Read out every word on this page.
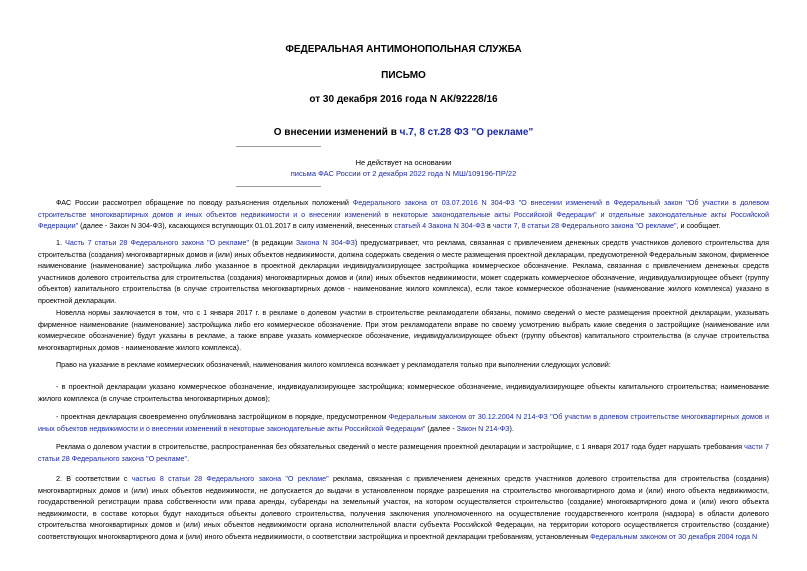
ФЕДЕРАЛЬНАЯ АНТИМОНОПОЛЬНАЯ СЛУЖБА
ПИСЬМО
от 30 декабря 2016 года N АК/92228/16
О внесении изменений в ч.7, 8 ст.28 ФЗ "О рекламе"
Не действует на основании
письма ФАС России от 2 декабря 2022 года N МШ/109196-ПР/22
ФАС России рассмотрел обращение по поводу разъяснения отдельных положений Федерального закона от 03.07.2016 N 304-ФЗ "О внесении изменений в Федеральный закон "Об участии в долевом строительстве многоквартирных домов и иных объектов недвижимости и о внесении изменений в некоторые законодательные акты Российской Федерации" и отдельные законодательные акты Российской Федерации" (далее - Закон N 304-ФЗ), касающихся вступающих 01.01.2017 в силу изменений, внесенных статьей 4 Закона N 304-ФЗ в части 7, 8 статьи 28 Федерального закона "О рекламе", и сообщает.
1. Часть 7 статьи 28 Федерального закона "О рекламе" (в редакции Закона N 304-ФЗ) предусматривает, что реклама, связанная с привлечением денежных средств участников долевого строительства для строительства (создания) многоквартирных домов и (или) иных объектов недвижимости, должна содержать сведения о месте размещения проектной декларации, предусмотренной Федеральным законом, фирменное наименование (наименование) застройщика либо указанное в проектной декларации индивидуализирующее застройщика коммерческое обозначение. Реклама, связанная с привлечением денежных средств участников долевого строительства для строительства (создания) многоквартирных домов и (или) иных объектов недвижимости, может содержать коммерческое обозначение, индивидуализирующее объект (группу объектов) капитального строительства (в случае строительства многоквартирных домов - наименование жилого комплекса), если такое коммерческое обозначение (наименование жилого комплекса) указано в проектной декларации.
Новелла нормы заключается в том, что с 1 января 2017 г. в рекламе о долевом участии в строительстве рекламодатели обязаны, помимо сведений о месте размещения проектной декларации, указывать фирменное наименование (наименование) застройщика либо его коммерческое обозначение. При этом рекламодатели вправе по своему усмотрению выбрать какие сведения о застройщике (наименование или коммерческое обозначение) будут указаны в рекламе, а также вправе указать коммерческое обозначение, индивидуализирующее объект (группу объектов) капитального строительства (в случае строительства многоквартирных домов - наименование жилого комплекса).
Право на указание в рекламе коммерческих обозначений, наименования жилого комплекса возникает у рекламодателя только при выполнении следующих условий:
- в проектной декларации указано коммерческое обозначение, индивидуализирующее застройщика; коммерческое обозначение, индивидуализирующее объекты капитального строительства; наименование жилого комплекса (в случае строительства многоквартирных домов);
- проектная декларация своевременно опубликована застройщиком в порядке, предусмотренном Федеральным законом от 30.12.2004 N 214-ФЗ "Об участии в долевом строительстве многоквартирных домов и иных объектов недвижимости и о внесении изменений в некоторые законодательные акты Российской Федерации" (далее - Закон N 214-ФЗ).
Реклама о долевом участии в строительстве, распространенная без обязательных сведений о месте размещения проектной декларации и застройщике, с 1 января 2017 года будет нарушать требования части 7 статьи 28 Федерального закона "О рекламе".
2. В соответствии с частью 8 статьи 28 Федерального закона "О рекламе" реклама, связанная с привлечением денежных средств участников долевого строительства для строительства (создания) многоквартирных домов и (или) иных объектов недвижимости, не допускается до выдачи в установленном порядке разрешения на строительство многоквартирного дома и (или) иного объекта недвижимости, государственной регистрации права собственности или права аренды, субаренды на земельный участок, на котором осуществляется строительство (создание) многоквартирного дома и (или) иного объекта недвижимости, в составе которых будут находиться объекты долевого строительства, получения заключения уполномоченного на осуществление государственного контроля (надзора) в области долевого строительства многоквартирных домов и (или) иных объектов недвижимости органа исполнительной власти субъекта Российской Федерации, на территории которого осуществляется строительство (создание) соответствующих многоквартирного дома и (или) иного объекта недвижимости, о соответствии застройщика и проектной декларации требованиям, установленным Федеральным законом от 30 декабря 2004 года N
